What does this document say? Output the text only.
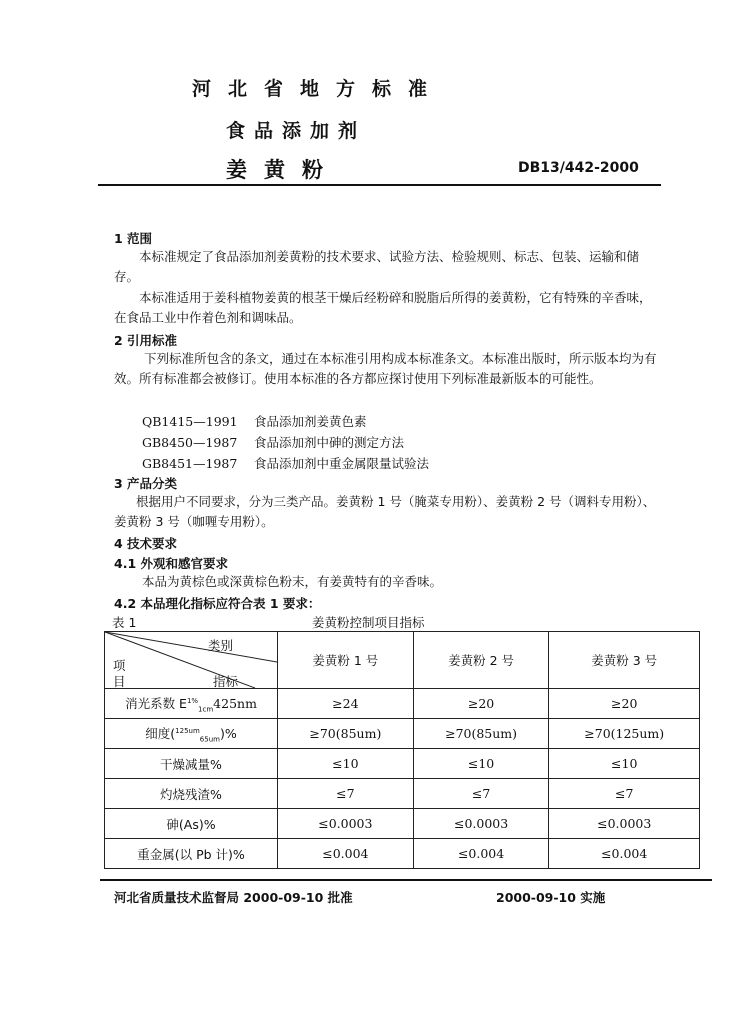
河北省地方标准
食品添加剂
姜黄粉	DB13/442-2000
1 范围
本标准规定了食品添加剂姜黄粉的技术要求、试验方法、检验规则、标志、包装、运输和储存。
本标准适用于姜科植物姜黄的根茎干燥后经粉碎和脱脂后所得的姜黄粉，它有特殊的辛香味，在食品工业中作着色剂和调味品。
2 引用标准
下列标准所包含的条文，通过在本标准引用构成本标准条文。本标准出版时，所示版本均为有效。所有标准都会被修订。使用本标准的各方都应探讨使用下列标准最新版本的可能性。
QB1415—1991 食品添加剂姜黄色素
GB8450—1987 食品添加剂中砷的测定方法
GB8451—1987 食品添加剂中重金属限量试验法
3 产品分类
根据用户不同要求，分为三类产品。姜黄粉 1 号（腌菜专用粉）、姜黄粉 2 号（调料专用粉）、姜黄粉 3 号（咖喱专用粉）。
4 技术要求
4.1 外观和感官要求
本品为黄棕色或深黄棕色粉末，有姜黄特有的辛香味。
4.2 本品理化指标应符合表 1 要求：
表 1	姜黄粉控制项目指标
类别
项
目 指标	姜黄粉 1 号	姜黄粉 2 号	姜黄粉 3 号
消光系数 $E^{1\%}_{1cm}425nm$	≥24	≥20	≥20
细度($^{125um}_{65um}$)%	≥70(85um)	≥70(85um)	≥70(125um)
干燥减量%	≤10	≤10	≤10
灼烧残渣%	≤7	≤7	≤7
砷(As)%	≤0.0003	≤0.0003	≤0.0003
重金属(以 Pb 计)%	≤0.004	≤0.004	≤0.004
河北省质量技术监督局 2000-09-10 批准	2000-09-10 实施
